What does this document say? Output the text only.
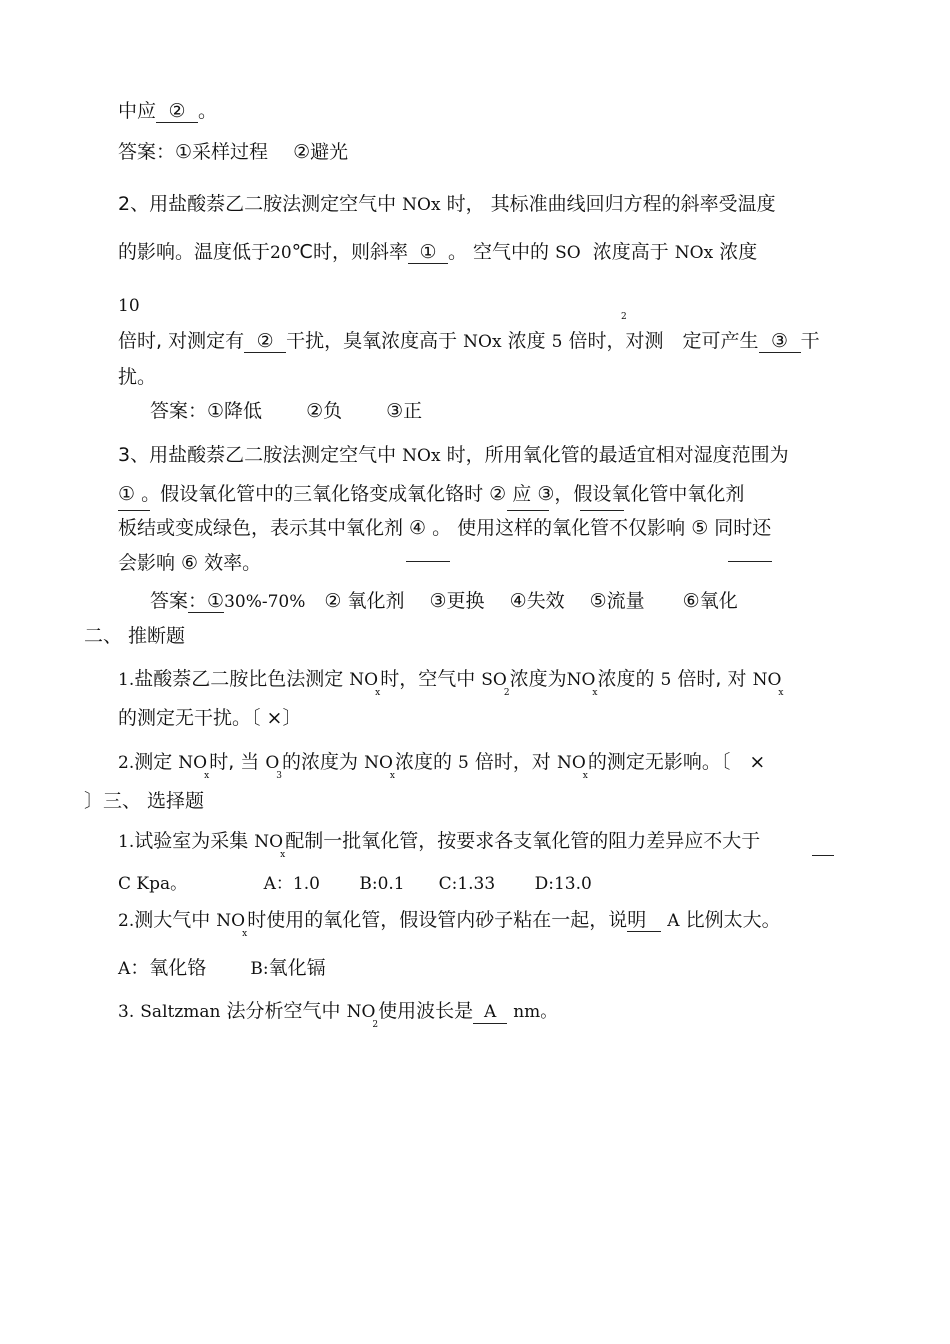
中应②。
答案：①采样过程　 ②避光
2、用盐酸萘乙二胺法测定空气中 NOx 时， 其标准曲线回归方程的斜率受温度
的影响。温度低于20℃时，则斜率①。 空气中的 SO 浓度高于 NOx 浓度
10
2
倍时, 对测定有②干扰，臭氧浓度高于 NOx 浓度 5 倍时，对测　定可产生③干
扰。
答案：①降低　　 ②负　　 ③正
3、用盐酸萘乙二胺法测定空气中 NOx 时，所用氧化管的最适宜相对湿度范围为
① 。假设氧化管中的三氧化铬变成氧化铬时 ② 应 ③，假设氧化管中氧化剂
板结或变成绿色，表示其中氧化剂 ④ 。 使用这样的氧化管不仅影响 ⑤ 同时还
会影响 ⑥ 效率。
答案：①30%-70%　② 氧化剂　 ③更换　 ④失效　 ⑤流量　　⑥氧化
二、 推断题
1.盐酸萘乙二胺比色法测定 $NO_x$时，空气中 $SO_2$浓度为$NO_x$浓度的 5 倍时, 对 $NO_x$
的测定无干扰。〔 ×〕
2.测定 $NO_x$时, 当 $O_3$的浓度为 $NO_x$浓度的 5 倍时，对 $NO_x$的测定无影响。〔　×
〕三、 选择题
1.试验室为采集 $NO_x$配制一批氧化管，按要求各支氧化管的阻力差异应不大于
C Kpa。　　　　　A：1.0　　 B:0.1　　C:1.33　　 D:13.0
2.测大气中 $NO_x$时使用的氧化管，假设管内砂子粘在一起，说明 A 比例太大。
A：氧化铬　　 B:氧化镉
3. Saltzman 法分析空气中 $NO_2$使用波长是A nm。
